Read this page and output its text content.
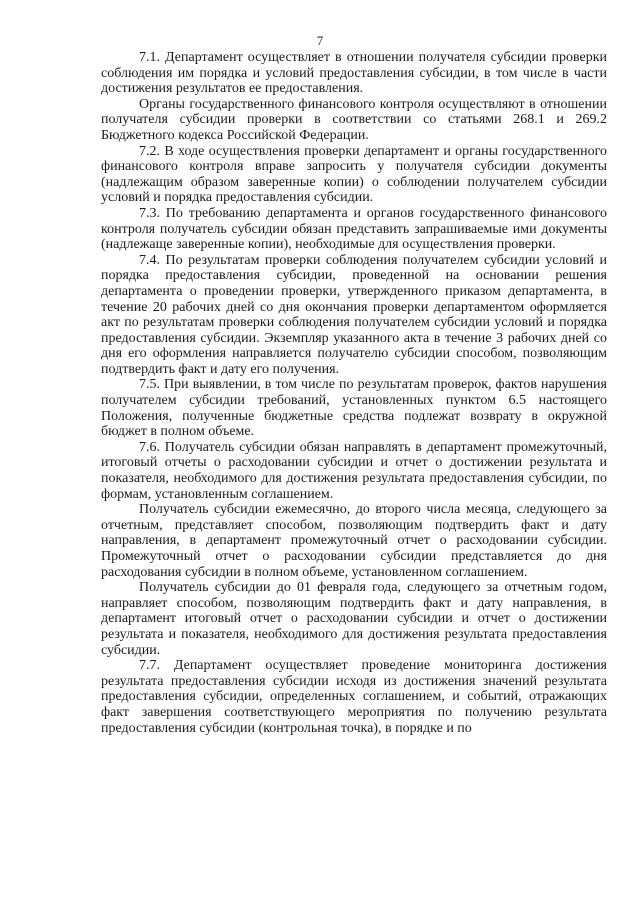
7

7.1. Департамент осуществляет в отношении получателя субсидии проверки соблюдения им порядка и условий предоставления субсидии, в том числе в части достижения результатов ее предоставления.

Органы государственного финансового контроля осуществляют в отношении получателя субсидии проверки в соответствии со статьями 268.1 и 269.2 Бюджетного кодекса Российской Федерации.

7.2. В ходе осуществления проверки департамент и органы государственного финансового контроля вправе запросить у получателя субсидии документы (надлежащим образом заверенные копии) о соблюдении получателем субсидии условий и порядка предоставления субсидии.

7.3. По требованию департамента и органов государственного финансового контроля получатель субсидии обязан представить запрашиваемые ими документы (надлежаще заверенные копии), необходимые для осуществления проверки.

7.4. По результатам проверки соблюдения получателем субсидии условий и порядка предоставления субсидии, проведенной на основании решения департамента о проведении проверки, утвержденного приказом департамента, в течение 20 рабочих дней со дня окончания проверки департаментом оформляется акт по результатам проверки соблюдения получателем субсидии условий и порядка предоставления субсидии. Экземпляр указанного акта в течение 3 рабочих дней со дня его оформления направляется получателю субсидии способом, позволяющим подтвердить факт и дату его получения.

7.5. При выявлении, в том числе по результатам проверок, фактов нарушения получателем субсидии требований, установленных пунктом 6.5 настоящего Положения, полученные бюджетные средства подлежат возврату в окружной бюджет в полном объеме.

7.6. Получатель субсидии обязан направлять в департамент промежуточный, итоговый отчеты о расходовании субсидии и отчет о достижении результата и показателя, необходимого для достижения результата предоставления субсидии, по формам, установленным соглашением.

Получатель субсидии ежемесячно, до второго числа месяца, следующего за отчетным, представляет способом, позволяющим подтвердить факт и дату направления, в департамент промежуточный отчет о расходовании субсидии. Промежуточный отчет о расходовании субсидии представляется до дня расходования субсидии в полном объеме, установленном соглашением.

Получатель субсидии до 01 февраля года, следующего за отчетным годом, направляет способом, позволяющим подтвердить факт и дату направления, в департамент итоговый отчет о расходовании субсидии и отчет о достижении результата и показателя, необходимого для достижения результата предоставления субсидии.

7.7. Департамент осуществляет проведение мониторинга достижения результата предоставления субсидии исходя из достижения значений результата предоставления субсидии, определенных соглашением, и событий, отражающих факт завершения соответствующего мероприятия по получению результата предоставления субсидии (контрольная точка), в порядке и по
